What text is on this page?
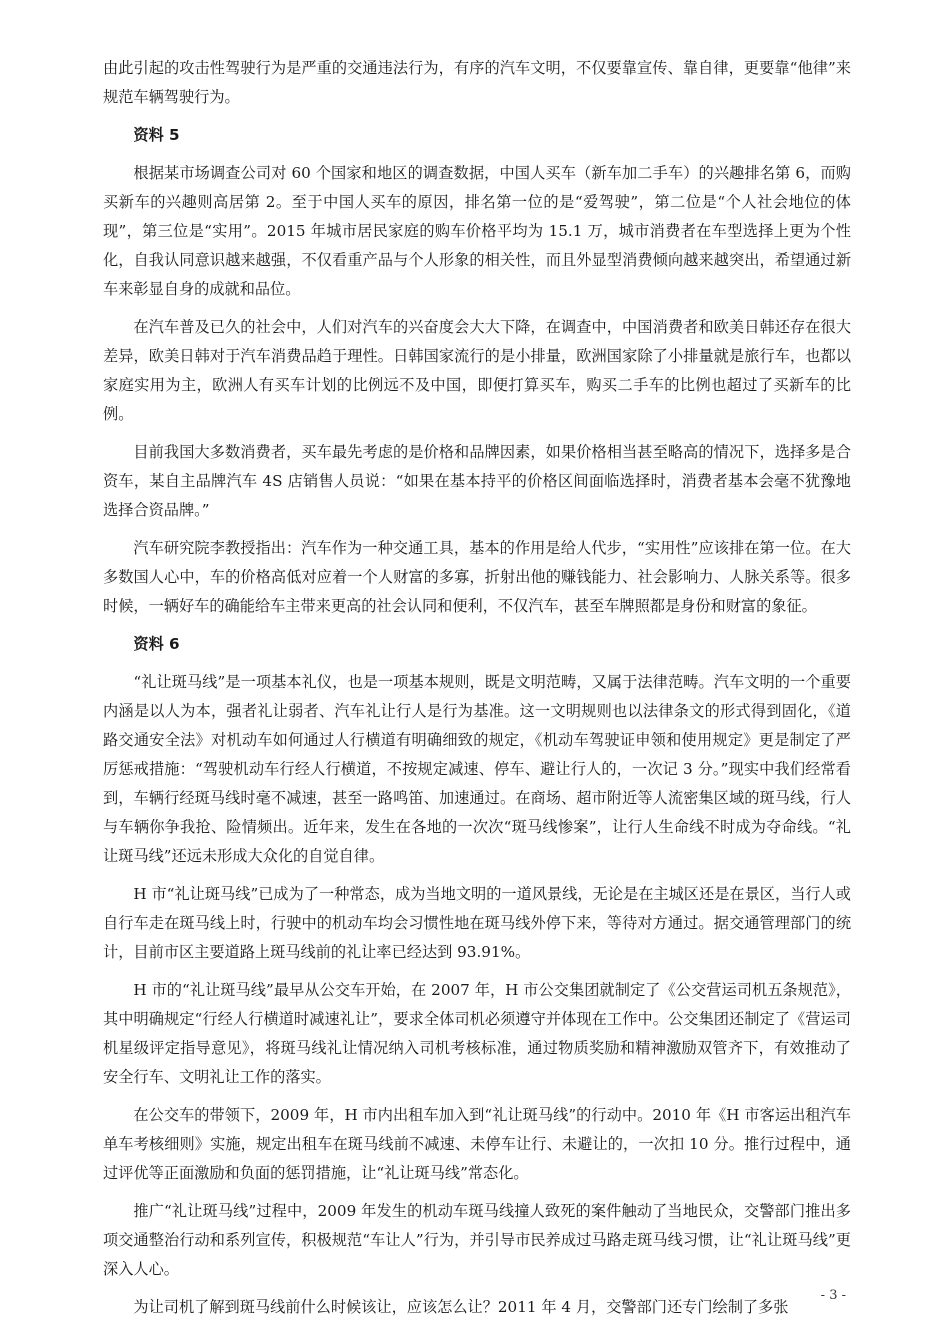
由此引起的攻击性驾驶行为是严重的交通违法行为，有序的汽车文明，不仅要靠宣传、靠自律，更要靠“他律”来规范车辆驾驶行为。

资料 5

根据某市场调查公司对 60 个国家和地区的调查数据，中国人买车（新车加二手车）的兴趣排名第 6，而购买新车的兴趣则高居第 2。至于中国人买车的原因，排名第一位的是“爱驾驶”，第二位是“个人社会地位的体现”，第三位是“实用”。2015 年城市居民家庭的购车价格平均为 15.1 万，城市消费者在车型选择上更为个性化，自我认同意识越来越强，不仅看重产品与个人形象的相关性，而且外显型消费倾向越来越突出，希望通过新车来彰显自身的成就和品位。

在汽车普及已久的社会中，人们对汽车的兴奋度会大大下降，在调查中，中国消费者和欧美日韩还存在很大差异，欧美日韩对于汽车消费品趋于理性。日韩国家流行的是小排量，欧洲国家除了小排量就是旅行车，也都以家庭实用为主，欧洲人有买车计划的比例远不及中国，即便打算买车，购买二手车的比例也超过了买新车的比例。

目前我国大多数消费者，买车最先考虑的是价格和品牌因素，如果价格相当甚至略高的情况下，选择多是合资车，某自主品牌汽车 4S 店销售人员说：“如果在基本持平的价格区间面临选择时，消费者基本会毫不犹豫地选择合资品牌。”

汽车研究院李教授指出：汽车作为一种交通工具，基本的作用是给人代步，“实用性”应该排在第一位。在大多数国人心中，车的价格高低对应着一个人财富的多寡，折射出他的赚钱能力、社会影响力、人脉关系等。很多时候，一辆好车的确能给车主带来更高的社会认同和便利，不仅汽车，甚至车牌照都是身份和财富的象征。

资料 6

“礼让斑马线”是一项基本礼仪，也是一项基本规则，既是文明范畴，又属于法律范畴。汽车文明的一个重要内涵是以人为本，强者礼让弱者、汽车礼让行人是行为基准。这一文明规则也以法律条文的形式得到固化，《道路交通安全法》对机动车如何通过人行横道有明确细致的规定，《机动车驾驶证申领和使用规定》更是制定了严厉惩戒措施：“驾驶机动车行经人行横道，不按规定减速、停车、避让行人的，一次记 3 分。”现实中我们经常看到，车辆行经斑马线时毫不减速，甚至一路鸣笛、加速通过。在商场、超市附近等人流密集区域的斑马线，行人与车辆你争我抢、险情频出。近年来，发生在各地的一次次“斑马线惨案”，让行人生命线不时成为夺命线。“礼让斑马线”还远未形成大众化的自觉自律。

H 市“礼让斑马线”已成为了一种常态，成为当地文明的一道风景线，无论是在主城区还是在景区，当行人或自行车走在斑马线上时，行驶中的机动车均会习惯性地在斑马线外停下来，等待对方通过。据交通管理部门的统计，目前市区主要道路上斑马线前的礼让率已经达到 93.91%。

H 市的“礼让斑马线”最早从公交车开始，在 2007 年，H 市公交集团就制定了《公交营运司机五条规范》，其中明确规定“行经人行横道时减速礼让”，要求全体司机必须遵守并体现在工作中。公交集团还制定了《营运司机星级评定指导意见》，将斑马线礼让情况纳入司机考核标准，通过物质奖励和精神激励双管齐下，有效推动了安全行车、文明礼让工作的落实。

在公交车的带领下，2009 年，H 市内出租车加入到“礼让斑马线”的行动中。2010 年《H 市客运出租汽车单车考核细则》实施，规定出租车在斑马线前不减速、未停车让行、未避让的，一次扣 10 分。推行过程中，通过评优等正面激励和负面的惩罚措施，让“礼让斑马线”常态化。

推广“礼让斑马线”过程中，2009 年发生的机动车斑马线撞人致死的案件触动了当地民众，交警部门推出多项交通整治行动和系列宣传，积极规范“车让人”行为，并引导市民养成过马路走斑马线习惯，让“礼让斑马线”更深入人心。

为让司机了解到斑马线前什么时候该让，应该怎么让？2011 年 4 月，交警部门还专门绘制了多张

- 3 -
